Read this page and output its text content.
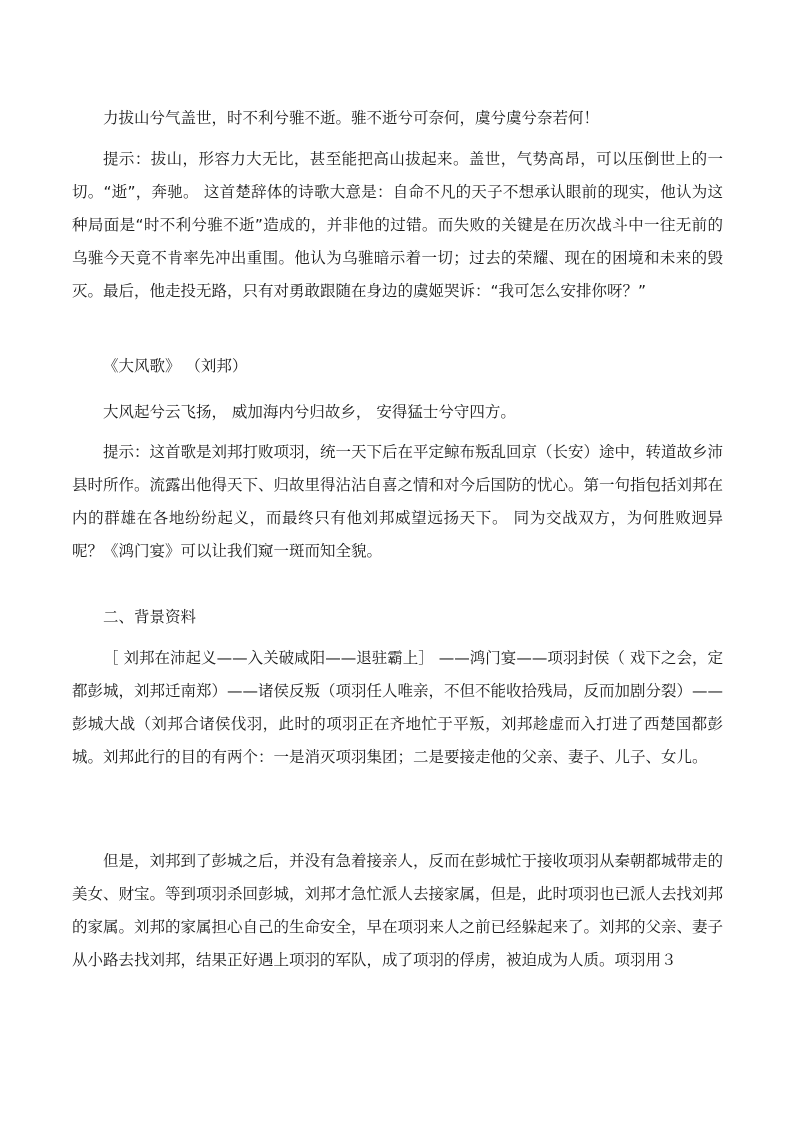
力拔山兮气盖世，时不利兮骓不逝。骓不逝兮可奈何，虞兮虞兮奈若何！

提示：拔山，形容力大无比，甚至能把高山拔起来。盖世，气势高昂，可以压倒世上的一切。“逝”，奔驰。 这首楚辞体的诗歌大意是：自命不凡的天子不想承认眼前的现实，他认为这种局面是“时不利兮骓不逝”造成的，并非他的过错。而失败的关键是在历次战斗中一往无前的乌骓今天竟不肯率先冲出重围。他认为乌骓暗示着一切；过去的荣耀、现在的困境和未来的毁灭。最后，他走投无路，只有对勇敢跟随在身边的虞姬哭诉：“我可怎么安排你呀？”

《大风歌》 （刘邦）

大风起兮云飞扬， 威加海内兮归故乡， 安得猛士兮守四方。

提示：这首歌是刘邦打败项羽，统一天下后在平定鲸布叛乱回京（长安）途中，转道故乡沛县时所作。流露出他得天下、归故里得沾沾自喜之情和对今后国防的忧心。第一句指包括刘邦在内的群雄在各地纷纷起义，而最终只有他刘邦威望远扬天下。 同为交战双方，为何胜败迥异呢？《鸿门宴》可以让我们窥一斑而知全貌。

二、背景资料

［ 刘邦在沛起义——入关破咸阳——退驻霸上］ ——鸿门宴——项羽封侯（ 戏下之会，定都彭城，刘邦迁南郑）——诸侯反叛（项羽任人唯亲，不但不能收拾残局，反而加剧分裂）——彭城大战（刘邦合诸侯伐羽，此时的项羽正在齐地忙于平叛，刘邦趁虚而入打进了西楚国都彭城。刘邦此行的目的有两个：一是消灭项羽集团；二是要接走他的父亲、妻子、儿子、女儿。

但是，刘邦到了彭城之后，并没有急着接亲人，反而在彭城忙于接收项羽从秦朝都城带走的美女、财宝。等到项羽杀回彭城，刘邦才急忙派人去接家属，但是，此时项羽也已派人去找刘邦的家属。刘邦的家属担心自己的生命安全，早在项羽来人之前已经躲起来了。刘邦的父亲、妻子从小路去找刘邦，结果正好遇上项羽的军队，成了项羽的俘虏，被迫成为人质。项羽用３
